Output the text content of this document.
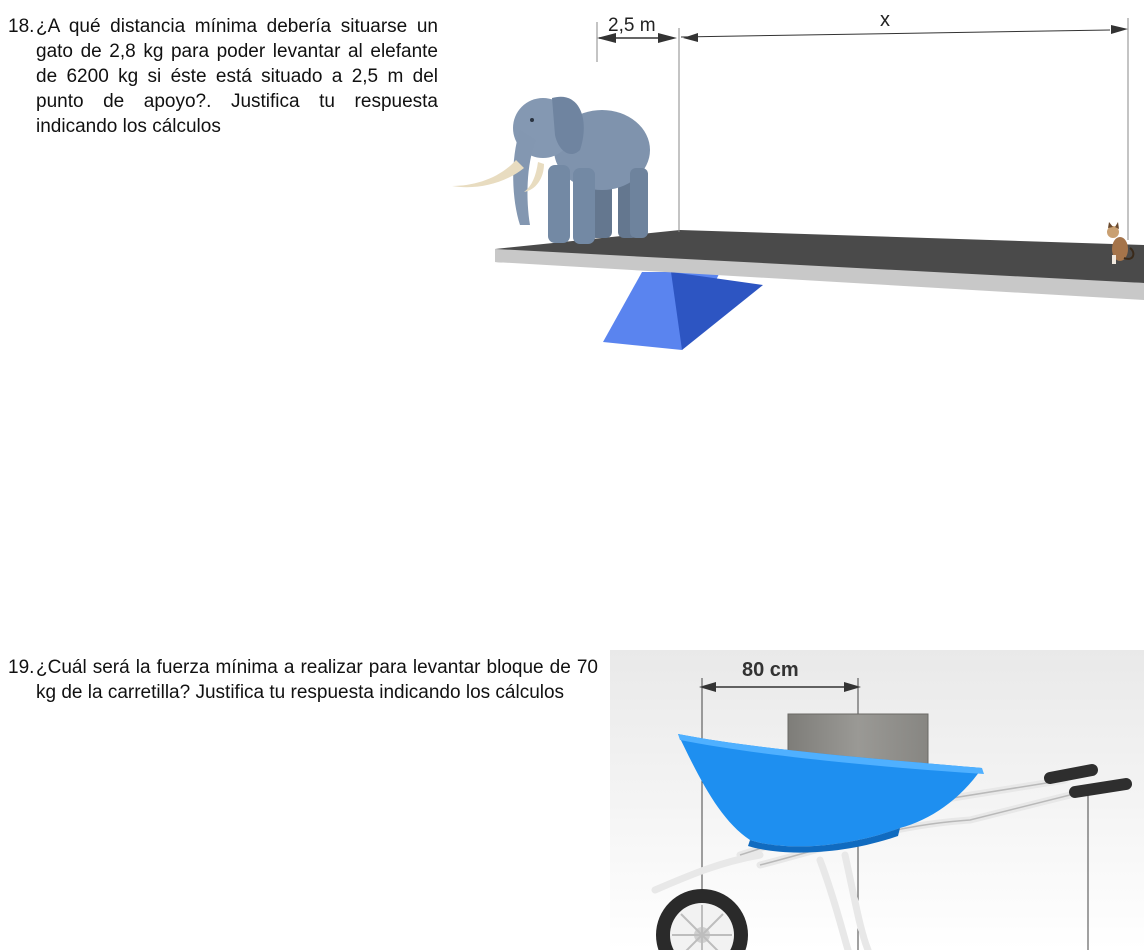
18. ¿A qué distancia mínima debería situarse un gato de 2,8 kg para poder levantar al elefante de 6200 kg si éste está situado a 2,5 m del punto de apoyo?. Justifica tu respuesta indicando los cálculos
2,5 m	x
19. ¿Cuál será la fuerza mínima a realizar para levantar bloque de 70 kg de la carretilla? Justifica tu respuesta indicando los cálculos
80 cm
